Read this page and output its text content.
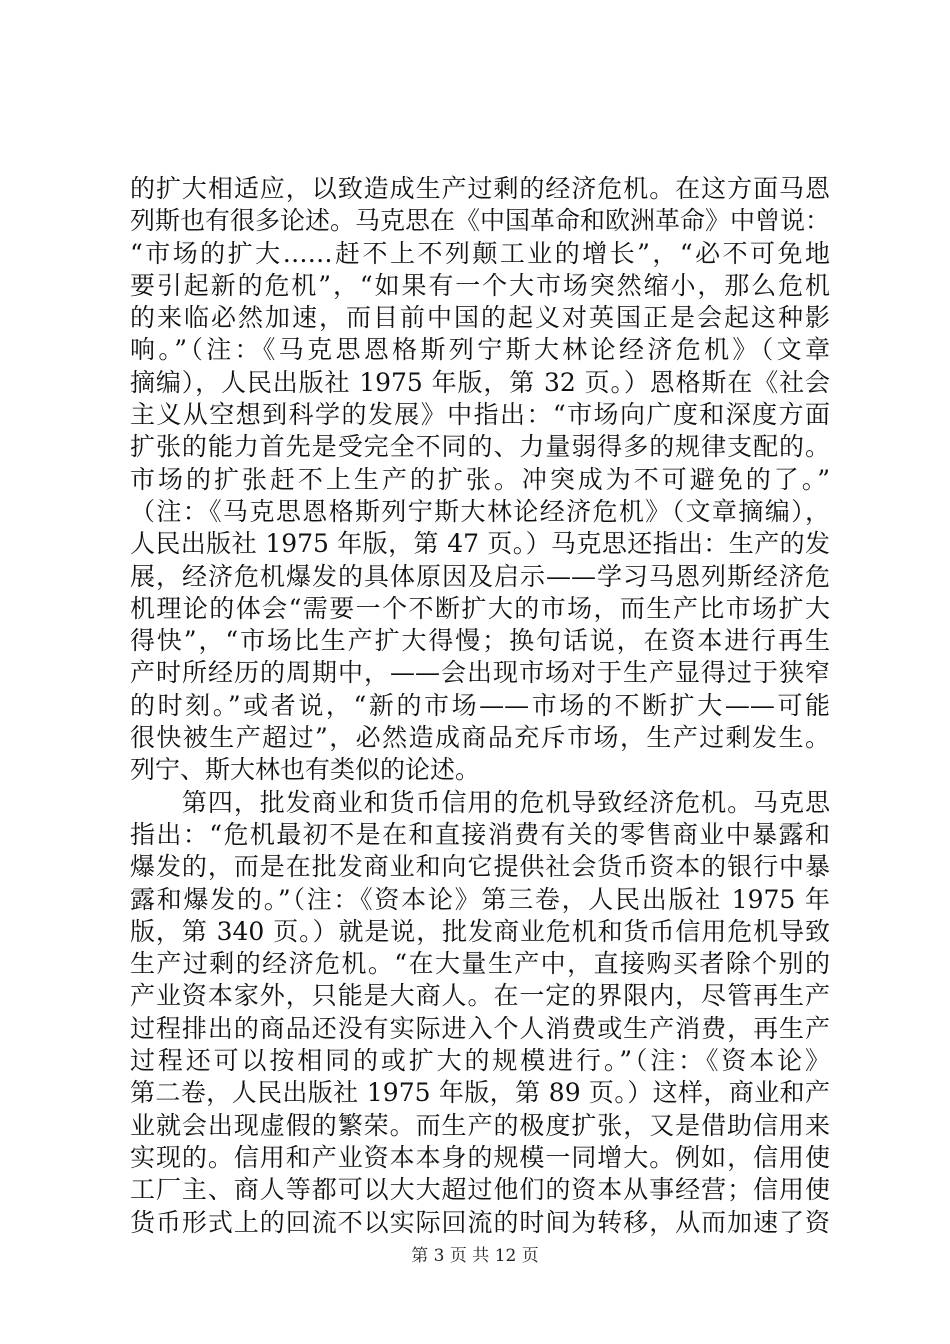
的扩大相适应，以致造成生产过剩的经济危机。在这方面马恩
列斯也有很多论述。马克思在《中国革命和欧洲革命》中曾说：
“市场的扩大……赶不上不列颠工业的增长”，“必不可免地
要引起新的危机”，“如果有一个大市场突然缩小，那么危机
的来临必然加速，而目前中国的起义对英国正是会起这种影
响。”（注：《马克思恩格斯列宁斯大林论经济危机》（文章
摘编），人民出版社 1975 年版，第 32 页。）恩格斯在《社会
主义从空想到科学的发展》中指出：“市场向广度和深度方面
扩张的能力首先是受完全不同的、力量弱得多的规律支配的。
市场的扩张赶不上生产的扩张。冲突成为不可避免的了。”
（注：《马克思恩格斯列宁斯大林论经济危机》（文章摘编），
人民出版社 1975 年版，第 47 页。）马克思还指出：生产的发
展，经济危机爆发的具体原因及启示——学习马恩列斯经济危
机理论的体会“需要一个不断扩大的市场，而生产比市场扩大
得快”，“市场比生产扩大得慢；换句话说，在资本进行再生
产时所经历的周期中，——会出现市场对于生产显得过于狭窄
的时刻。”或者说，“新的市场——市场的不断扩大——可能
很快被生产超过”，必然造成商品充斥市场，生产过剩发生。
列宁、斯大林也有类似的论述。
　　第四，批发商业和货币信用的危机导致经济危机。马克思
指出：“危机最初不是在和直接消费有关的零售商业中暴露和
爆发的，而是在批发商业和向它提供社会货币资本的银行中暴
露和爆发的。”（注：《资本论》第三卷，人民出版社 1975 年
版，第 340 页。）就是说，批发商业危机和货币信用危机导致
生产过剩的经济危机。“在大量生产中，直接购买者除个别的
产业资本家外，只能是大商人。在一定的界限内，尽管再生产
过程排出的商品还没有实际进入个人消费或生产消费，再生产
过程还可以按相同的或扩大的规模进行。”（注：《资本论》
第二卷，人民出版社 1975 年版，第 89 页。）这样，商业和产
业就会出现虚假的繁荣。而生产的极度扩张，又是借助信用来
实现的。信用和产业资本本身的规模一同增大。例如，信用使
工厂主、商人等都可以大大超过他们的资本从事经营；信用使
货币形式上的回流不以实际回流的时间为转移，从而加速了资
第 3 页 共 12 页
